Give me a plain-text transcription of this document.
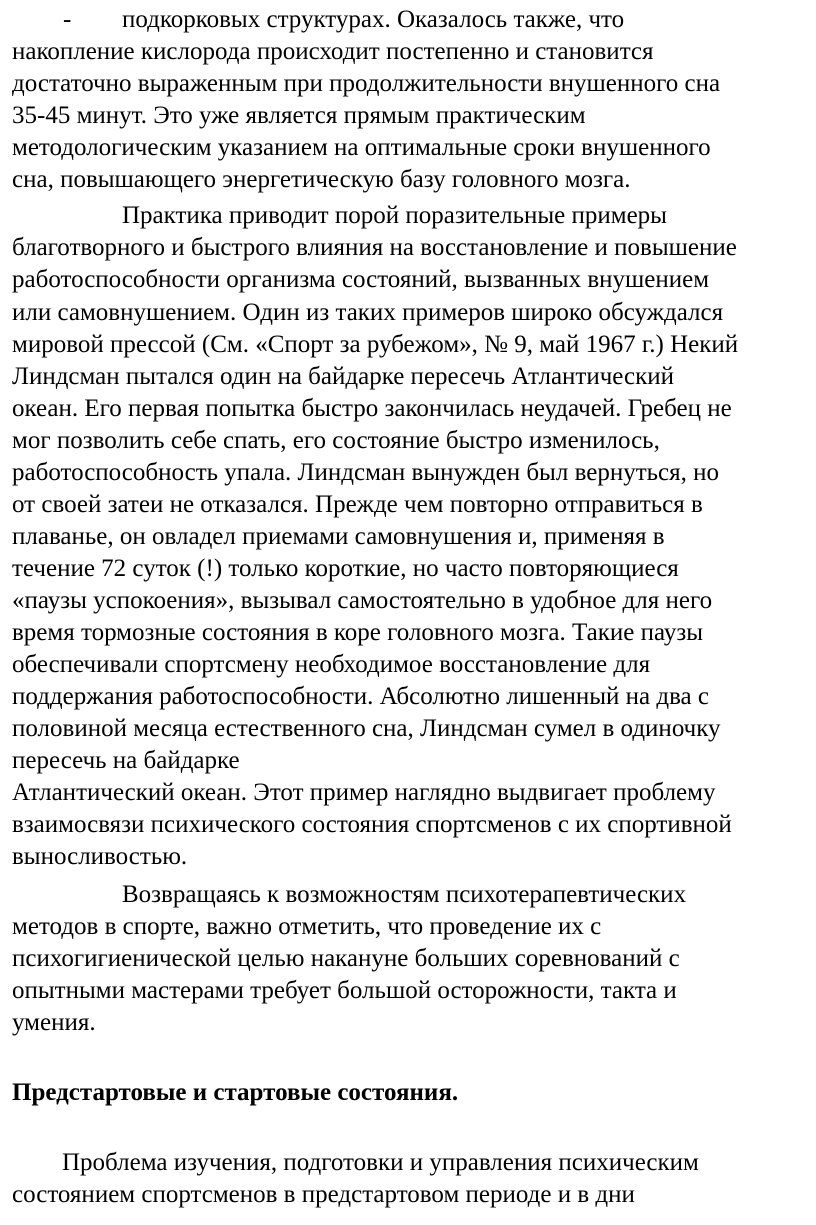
- подкорковых структурах. Оказалось также, что
накопление кислорода происходит постепенно и становится
достаточно выраженным при продолжительности внушенного сна
35-45 минут. Это уже является прямым практическим
методологическим указанием на оптимальные сроки внушенного
сна, повышающего энергетическую базу головного мозга.
Практика приводит порой поразительные примеры
благотворного и быстрого влияния на восстановление и повышение
работоспособности организма состояний, вызванных внушением
или самовнушением. Один из таких примеров широко обсуждался
мировой прессой (См. «Спорт за рубежом», № 9, май 1967 г.) Некий
Линдсман пытался один на байдарке пересечь Атлантический
океан. Его первая попытка быстро закончилась неудачей. Гребец не
мог позволить себе спать, его состояние быстро изменилось,
работоспособность упала. Линдсман вынужден был вернуться, но
от своей затеи не отказался. Прежде чем повторно отправиться в
плаванье, он овладел приемами самовнушения и, применяя в
течение 72 суток (!) только короткие, но часто повторяющиеся
«паузы успокоения», вызывал самостоятельно в удобное для него
время тормозные состояния в коре головного мозга. Такие паузы
обеспечивали спортсмену необходимое восстановление для
поддержания работоспособности. Абсолютно лишенный на два с
половиной месяца естественного сна, Линдсман сумел в одиночку
пересечь на байдарке
Атлантический океан. Этот пример наглядно выдвигает проблему
взаимосвязи психического состояния спортсменов с их спортивной
выносливостью.
Возвращаясь к возможностям психотерапевтических
методов в спорте, важно отметить, что проведение их с
психогигиенической целью накануне больших соревнований с
опытными мастерами требует большой осторожности, такта и
умения.
Предстартовые и стартовые состояния.
Проблема изучения, подготовки и управления психическим
состоянием спортсменов в предстартовом периоде и в дни
